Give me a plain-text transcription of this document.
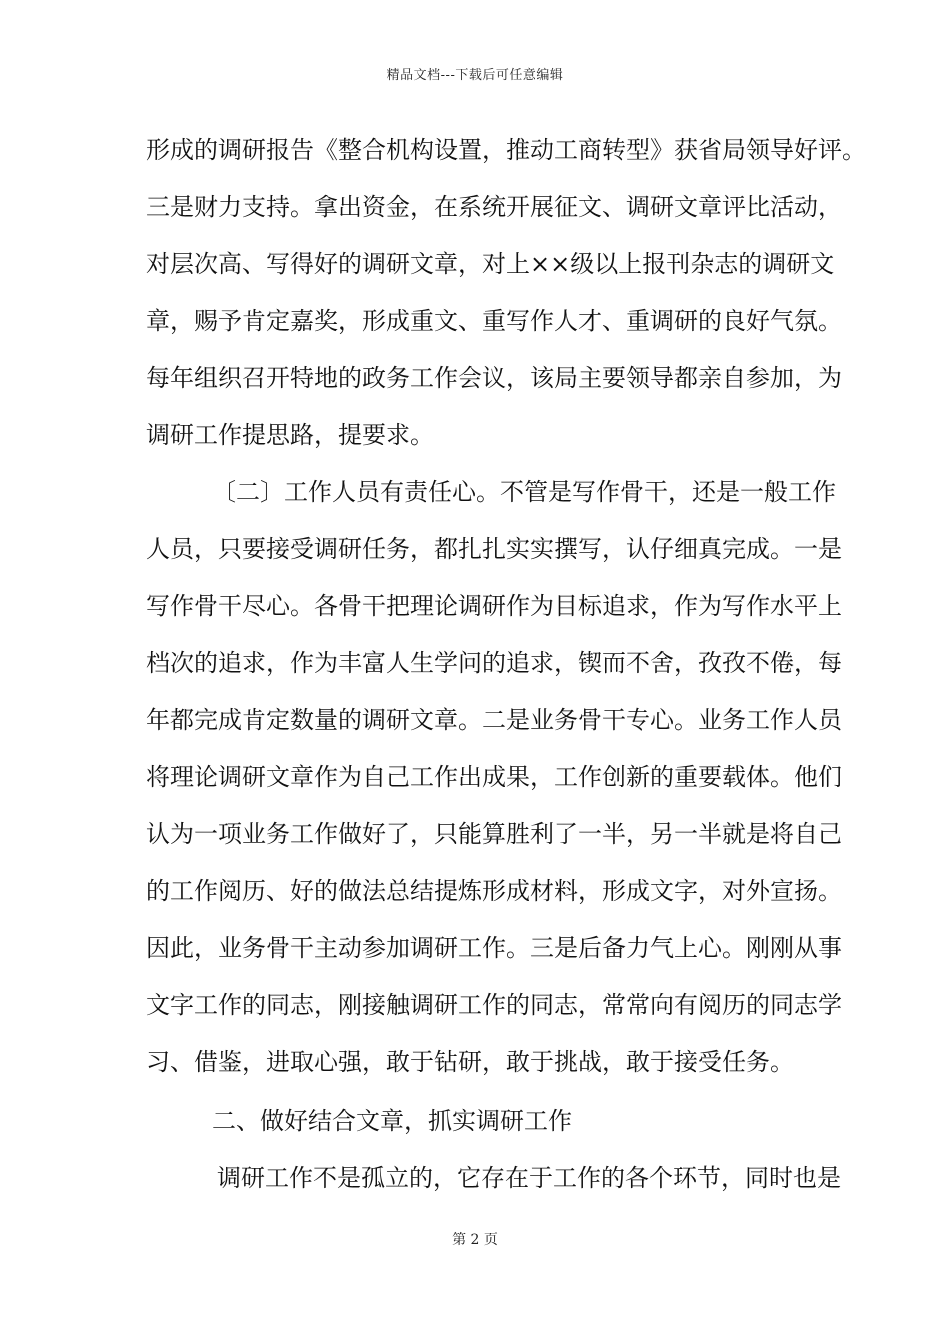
精品文档---下载后可任意编辑
形成的调研报告《整合机构设置，推动工商转型》获省局领导好评。
三是财力支持。拿出资金，在系统开展征文、调研文章评比活动，
对层次高、写得好的调研文章，对上××级以上报刊杂志的调研文
章，赐予肯定嘉奖，形成重文、重写作人才、重调研的良好气氛。
每年组织召开特地的政务工作会议，该局主要领导都亲自参加，为
调研工作提思路，提要求。
〔二〕工作人员有责任心。不管是写作骨干，还是一般工作
人员，只要接受调研任务，都扎扎实实撰写，认仔细真完成。一是
写作骨干尽心。各骨干把理论调研作为目标追求，作为写作水平上
档次的追求，作为丰富人生学问的追求，锲而不舍，孜孜不倦，每
年都完成肯定数量的调研文章。二是业务骨干专心。业务工作人员
将理论调研文章作为自己工作出成果，工作创新的重要载体。他们
认为一项业务工作做好了，只能算胜利了一半，另一半就是将自己
的工作阅历、好的做法总结提炼形成材料，形成文字，对外宣扬。
因此，业务骨干主动参加调研工作。三是后备力气上心。刚刚从事
文字工作的同志，刚接触调研工作的同志，常常向有阅历的同志学
习、借鉴，进取心强，敢于钻研，敢于挑战，敢于接受任务。
二、做好结合文章，抓实调研工作
调研工作不是孤立的，它存在于工作的各个环节，同时也是
第 2 页
